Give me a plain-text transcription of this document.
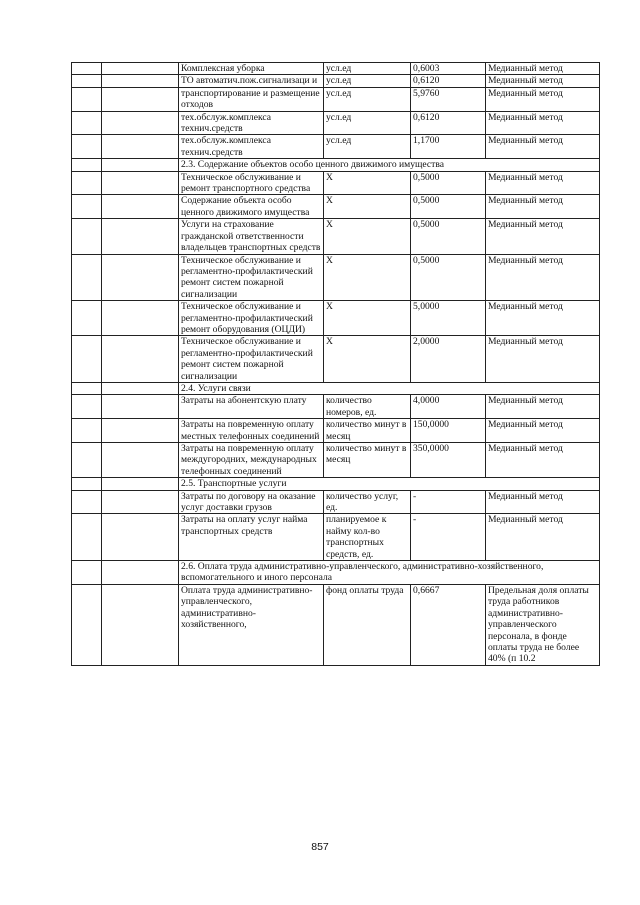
		Комплексная уборка	усл.ед	0,6003	Медианный метод
		ТО автоматич.пож.сигнализаци и	усл.ед	0,6120	Медианный метод
		транспортирование и размещение отходов	усл.ед	5,9760	Медианный метод
		тех.обслуж.комплекса технич.средств	усл.ед	0,6120	Медианный метод
		тех.обслуж.комплекса технич.средств	усл.ед	1,1700	Медианный метод
		2.3. Содержание объектов особо ценного движимого имущества			
		Техническое обслуживание и ремонт транспортного средства	X	0,5000	Медианный метод
		Содержание объекта особо ценного движимого имущества	X	0,5000	Медианный метод
		Услуги на страхование гражданской ответственности владельцев транспортных средств	X	0,5000	Медианный метод
		Техническое обслуживание и регламентно-профилактический ремонт систем пожарной сигнализации	X	0,5000	Медианный метод
		Техническое обслуживание и регламентно-профилактический ремонт оборудования (ОЦДИ)	X	5,0000	Медианный метод
		Техническое обслуживание и регламентно-профилактический ремонт систем пожарной сигнализации	X	2,0000	Медианный метод
		2.4. Услуги связи			
		Затраты на абонентскую плату	количество номеров, ед.	4,0000	Медианный метод
		Затраты на повременную оплату местных телефонных соединений	количество минут в месяц	150,0000	Медианный метод
		Затраты на повременную оплату междугородних, международных телефонных соединений	количество минут в месяц	350,0000	Медианный метод
		2.5. Транспортные услуги			
		Затраты по договору на оказание услуг доставки грузов	количество услуг, ед.	-	Медианный метод
		Затраты на оплату услуг найма транспортных средств	планируемое к найму кол-во транспортных средств, ед.	-	Медианный метод
		2.6. Оплата труда административно-управленческого, административно-хозяйственного, вспомогательного и иного персонала			
		Оплата труда административно-управленческого, административно-хозяйственного,	фонд оплаты труда	0,6667	Предельная доля оплаты труда работников административно-управленческого персонала, в фонде оплаты труда не более 40% (п 10.2
857
